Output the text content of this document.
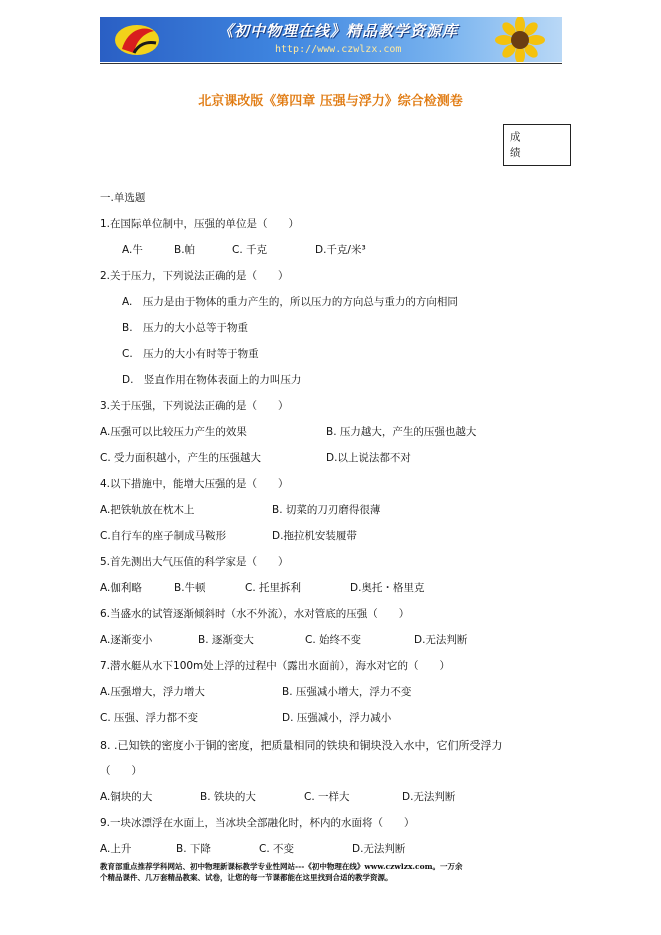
《初中物理在线》精品教学资源库
http://www.czwlzx.com
北京课改版《第四章 压强与浮力》综合检测卷
成
绩
一.单选题
1.在国际单位制中，压强的单位是（　　）
A.牛	B.帕	C. 千克	D.千克/米³
2.关于压力，下列说法正确的是（　　）
A.　压力是由于物体的重力产生的，所以压力的方向总与重力的方向相同
B.　压力的大小总等于物重
C.　压力的大小有时等于物重
D.　竖直作用在物体表面上的力叫压力
3.关于压强，下列说法正确的是（　　）
A.压强可以比较压力产生的效果	B. 压力越大，产生的压强也越大
C. 受力面积越小，产生的压强越大	D.以上说法都不对
4.以下措施中，能增大压强的是（　　）
A.把铁轨放在枕木上	B. 切菜的刀刃磨得很薄
C.自行车的座子制成马鞍形	D.拖拉机安装履带
5.首先测出大气压值的科学家是（　　）
A.伽利略	B.牛顿	C. 托里拆利	D.奥托・格里克
6.当盛水的试管逐渐倾斜时（水不外流），水对管底的压强（　　）
A.逐渐变小	B. 逐渐变大	C. 始终不变	D.无法判断
7.潜水艇从水下100m处上浮的过程中（露出水面前），海水对它的（　　）
A.压强增大，浮力增大	B. 压强减小增大，浮力不变
C. 压强、浮力都不变	D. 压强减小，浮力减小
8. .已知铁的密度小于铜的密度，把质量相同的铁块和铜块没入水中，它们所受浮力
（　　）
A.铜块的大	B. 铁块的大	C. 一样大	D.无法判断
9.一块冰漂浮在水面上，当冰块全部融化时，杯内的水面将（　　）
A.上升	B. 下降	C. 不变	D.无法判断
教育部重点推荐学科网站、初中物理新课标教学专业性网站---《初中物理在线》www.czwlzx.com。一万余
个精品课件、几万套精品教案、试卷，让您的每一节课都能在这里找到合适的教学资源。
